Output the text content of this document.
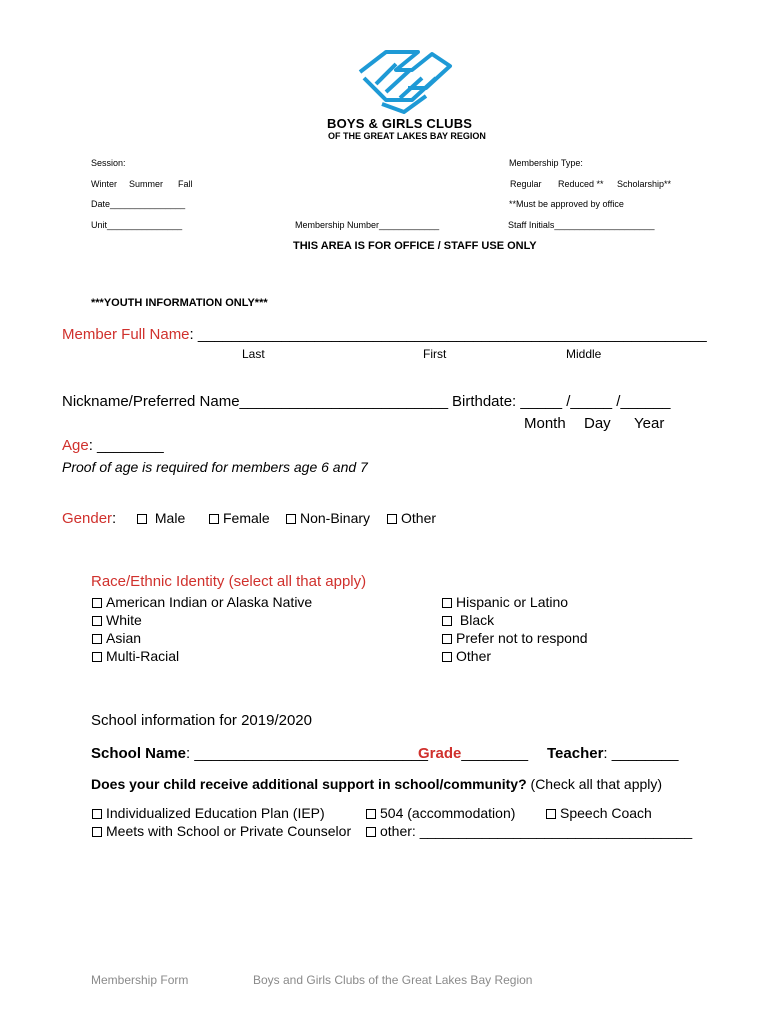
BOYS & GIRLS CLUBS
OF THE GREAT LAKES BAY REGION
Session:
Winter Summer Fall
Date_______________
Unit_______________	Membership Number____________
Membership Type:
Regular Reduced ** Scholarship**
**Must be approved by office
Staff Initials____________________
THIS AREA IS FOR OFFICE / STAFF USE ONLY
***YOUTH INFORMATION ONLY***
Member Full Name: _____________________________________________________________
Last	First	Middle
Nickname/Preferred Name_________________________ Birthdate: _____ /_____ /______
Month Day Year
Age: ________
Proof of age is required for members age 6 and 7
Gender:	Male	Female	Non-Binary	Other
Race/Ethnic Identity (select all that apply)
American Indian or Alaska Native
White
Asian
Multi-Racial
Hispanic or Latino
Black
Prefer not to respond
Other
School information for 2019/2020
School Name: ____________________________
Grade________ Teacher: ________
Does your child receive additional support in school/community? (Check all that apply)
Individualized Education Plan (IEP)	504 (accommodation)	Speech Coach
Meets with School or Private Counselor	other: ___________________________________
Membership Form	Boys and Girls Clubs of the Great Lakes Bay Region
